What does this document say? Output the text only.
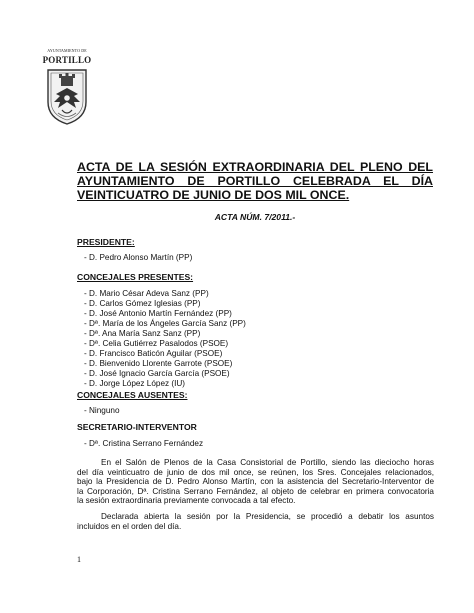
AYUNTAMIENTO DE
PORTILLO
ACTA DE LA SESIÓN EXTRAORDINARIA DEL PLENO DEL
AYUNTAMIENTO DE PORTILLO CELEBRADA EL DÍA
VEINTICUATRO DE JUNIO DE DOS MIL ONCE.
ACTA NÚM. 7/2011.-

PRESIDENTE:

- D. Pedro Alonso Martín (PP)

CONCEJALES PRESENTES:

- D. Mario César Adeva Sanz (PP)

- D. Carlos Gómez Iglesias (PP)

- D. José Antonio Martín Fernández (PP)

- Dª. María de los Ángeles García Sanz (PP)

- Dª. Ana María Sanz Sanz (PP)

- Dª. Celia Gutiérrez Pasalodos (PSOE)

- D. Francisco Baticón Aguilar (PSOE)

- D. Bienvenido Llorente Garrote (PSOE)

- D. José Ignacio García García (PSOE)

- D. Jorge López López (IU)

CONCEJALES AUSENTES:

- Ninguno

SECRETARIO-INTERVENTOR

- Dª. Cristina Serrano Fernández

En el Salón de Plenos de la Casa Consistorial de Portillo, siendo las dieciocho horas
del día veinticuatro de junio de dos mil once, se reúnen, los Sres. Concejales relacionados,
bajo la Presidencia de D. Pedro Alonso Martín, con la asistencia del Secretario-Interventor de
la Corporación, Dª. Cristina Serrano Fernández, al objeto de celebrar en primera convocatoria
la sesión extraordinaria previamente convocada a tal efecto.
Declarada abierta la sesión por la Presidencia, se procedió a debatir los asuntos
incluidos en el orden del día.
1
